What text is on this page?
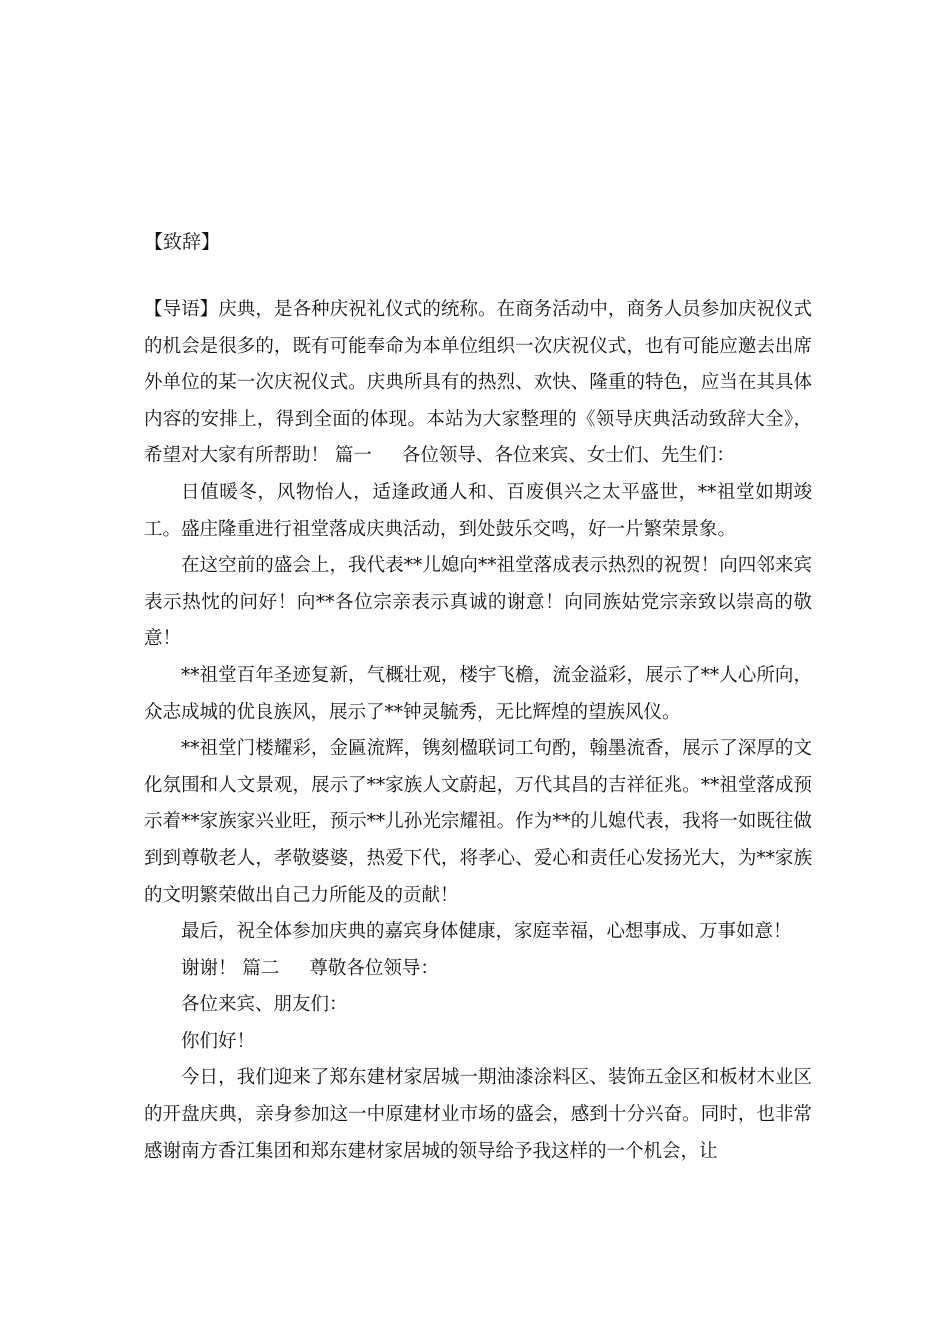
【致辞】

【导语】庆典，是各种庆祝礼仪式的统称。在商务活动中，商务人员参加庆祝仪式的机会是很多的，既有可能奉命为本单位组织一次庆祝仪式，也有可能应邀去出席外单位的某一次庆祝仪式。庆典所具有的热烈、欢快、隆重的特色，应当在其具体内容的安排上，得到全面的体现。本站为大家整理的《领导庆典活动致辞大全》，希望对大家有所帮助！ 篇一 各位领导、各位来宾、女士们、先生们：

日值暖冬，风物怡人，适逢政通人和、百废俱兴之太平盛世，**祖堂如期竣工。盛庄隆重进行祖堂落成庆典活动，到处鼓乐交鸣，好一片繁荣景象。

在这空前的盛会上，我代表**儿媳向**祖堂落成表示热烈的祝贺！向四邻来宾表示热忱的问好！向**各位宗亲表示真诚的谢意！向同族姑党宗亲致以崇高的敬意！

**祖堂百年圣迹复新，气概壮观，楼宇飞檐，流金溢彩，展示了**人心所向，众志成城的优良族风，展示了**钟灵毓秀，无比辉煌的望族风仪。

**祖堂门楼耀彩，金匾流辉，镌刻楹联词工句酌，翰墨流香，展示了深厚的文化氛围和人文景观，展示了**家族人文蔚起，万代其昌的吉祥征兆。**祖堂落成预示着**家族家兴业旺，预示**儿孙光宗耀祖。作为**的儿媳代表，我将一如既往做到到尊敬老人，孝敬婆婆，热爱下代，将孝心、爱心和责任心发扬光大，为**家族的文明繁荣做出自己力所能及的贡献！

最后，祝全体参加庆典的嘉宾身体健康，家庭幸福，心想事成、万事如意！

谢谢！ 篇二 尊敬各位领导：

各位来宾、朋友们：

你们好！

今日，我们迎来了郑东建材家居城一期油漆涂料区、装饰五金区和板材木业区的开盘庆典，亲身参加这一中原建材业市场的盛会，感到十分兴奋。同时，也非常感谢南方香江集团和郑东建材家居城的领导给予我这样的一个机会，让
